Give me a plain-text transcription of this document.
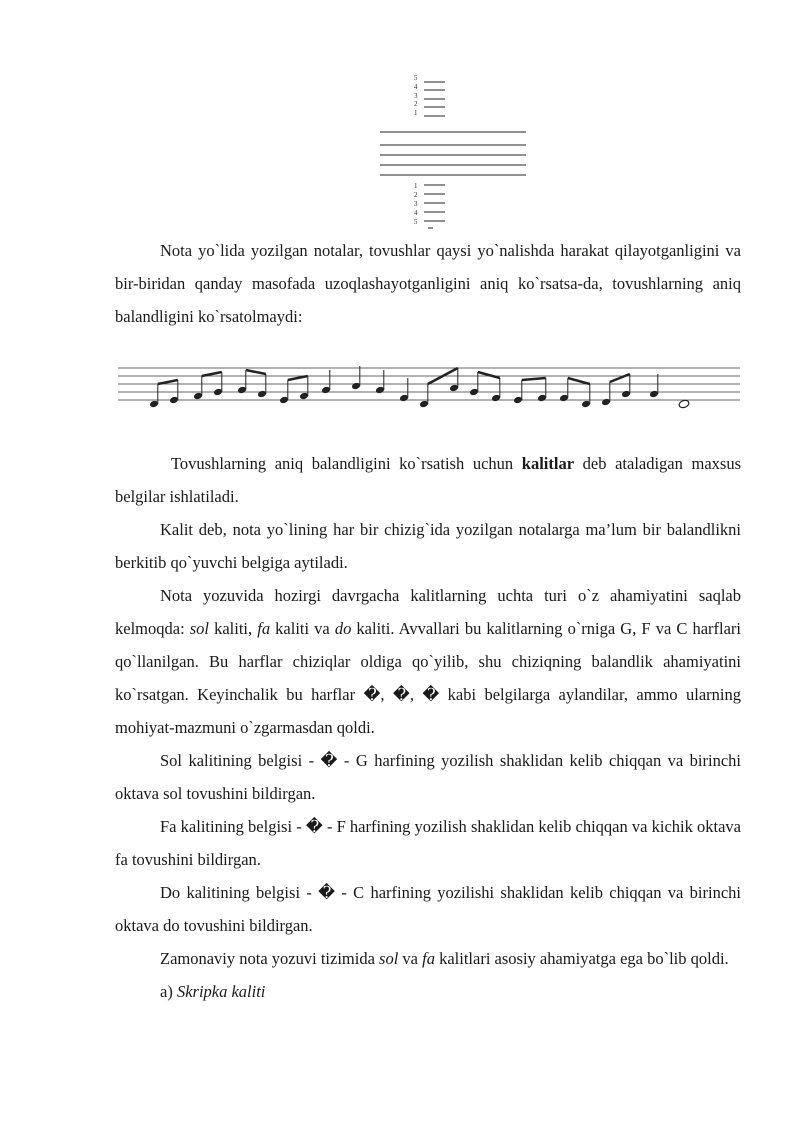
5
4
3
2
1
1
2
3
4
5

Nota yo`lida yozilgan notalar, tovushlar qaysi yo`nalishda harakat qilayotganligini va bir-biridan qanday masofada uzoqlashayotganligini aniq ko`rsatsa-da, tovushlarning aniq balandligini ko`rsatolmaydi:

Tovushlarning aniq balandligini ko`rsatish uchun kalitlar deb ataladigan maxsus belgilar ishlatiladi.

Kalit deb, nota yo`lining har bir chizig`ida yozilgan notalarga ma’lum bir balandlikni berkitib qo`yuvchi belgiga aytiladi.

Nota yozuvida hozirgi davrgacha kalitlarning uchta turi o`z ahamiyatini saqlab kelmoqda: sol kaliti, fa kaliti va do kaliti. Avvallari bu kalitlarning o`rniga G, F va C harflari qo`llanilgan. Bu harflar chiziqlar oldiga qo`yilib, shu chiziqning balandlik ahamiyatini ko`rsatgan. Keyinchalik bu harflar �, �, � kabi belgilarga aylandilar, ammo ularning mohiyat-mazmuni o`zgarmasdan qoldi.

Sol kalitining belgisi - � - G harfining yozilish shaklidan kelib chiqqan va birinchi oktava sol tovushini bildirgan.

Fa kalitining belgisi - � - F harfining yozilish shaklidan kelib chiqqan va kichik oktava fa tovushini bildirgan.

Do kalitining belgisi - � - C harfining yozilishi shaklidan kelib chiqqan va birinchi oktava do tovushini bildirgan.

Zamonaviy nota yozuvi tizimida sol va fa kalitlari asosiy ahamiyatga ega bo`lib qoldi.

a) Skripka kaliti
